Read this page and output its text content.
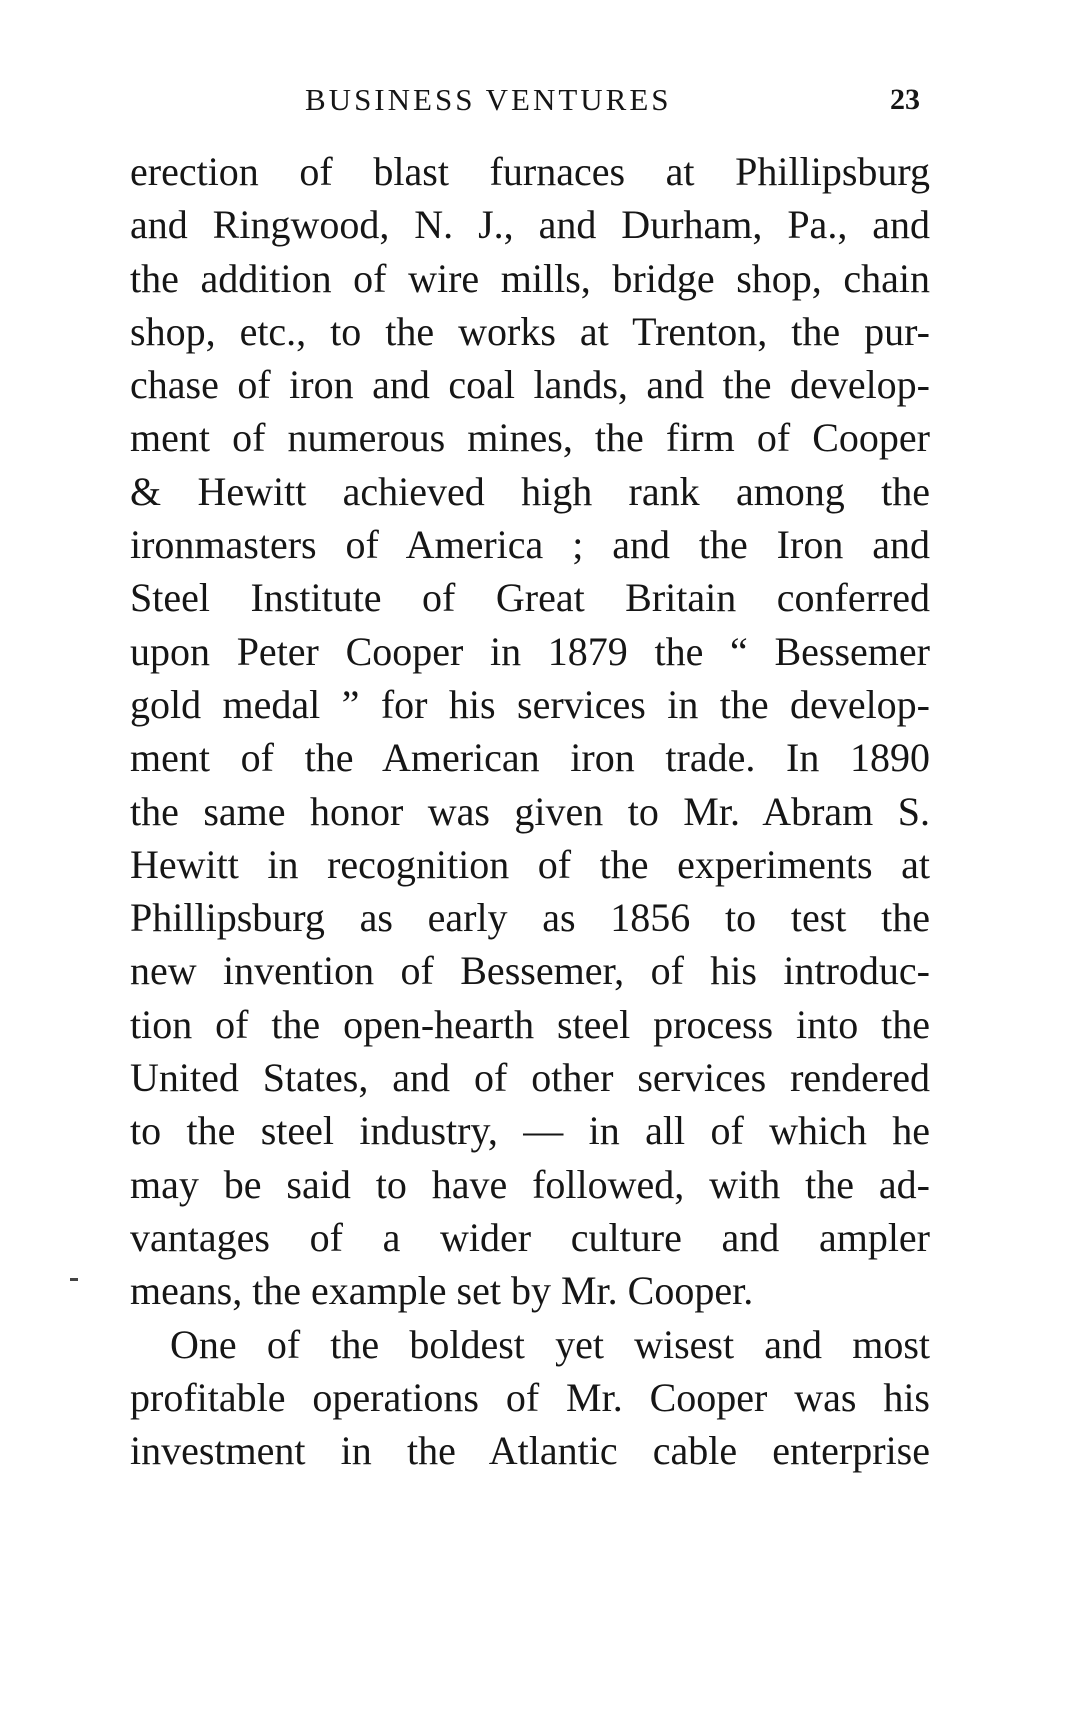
BUSINESS VENTURES	23
erection of blast furnaces at Phillipsburg
and Ringwood, N. J., and Durham, Pa., and
the addition of wire mills, bridge shop, chain
shop, etc., to the works at Trenton, the pur-
chase of iron and coal lands, and the develop-
ment of numerous mines, the firm of Cooper
& Hewitt achieved high rank among the
ironmasters of America ; and the Iron and
Steel Institute of Great Britain conferred
upon Peter Cooper in 1879 the “ Bessemer
gold medal ” for his services in the develop-
ment of the American iron trade. In 1890
the same honor was given to Mr. Abram S.
Hewitt in recognition of the experiments at
Phillipsburg as early as 1856 to test the
new invention of Bessemer, of his introduc-
tion of the open-hearth steel process into the
United States, and of other services rendered
to the steel industry, — in all of which he
may be said to have followed, with the ad-
vantages of a wider culture and ampler
means, the example set by Mr. Cooper.
One of the boldest yet wisest and most
profitable operations of Mr. Cooper was his
investment in the Atlantic cable enterprise
